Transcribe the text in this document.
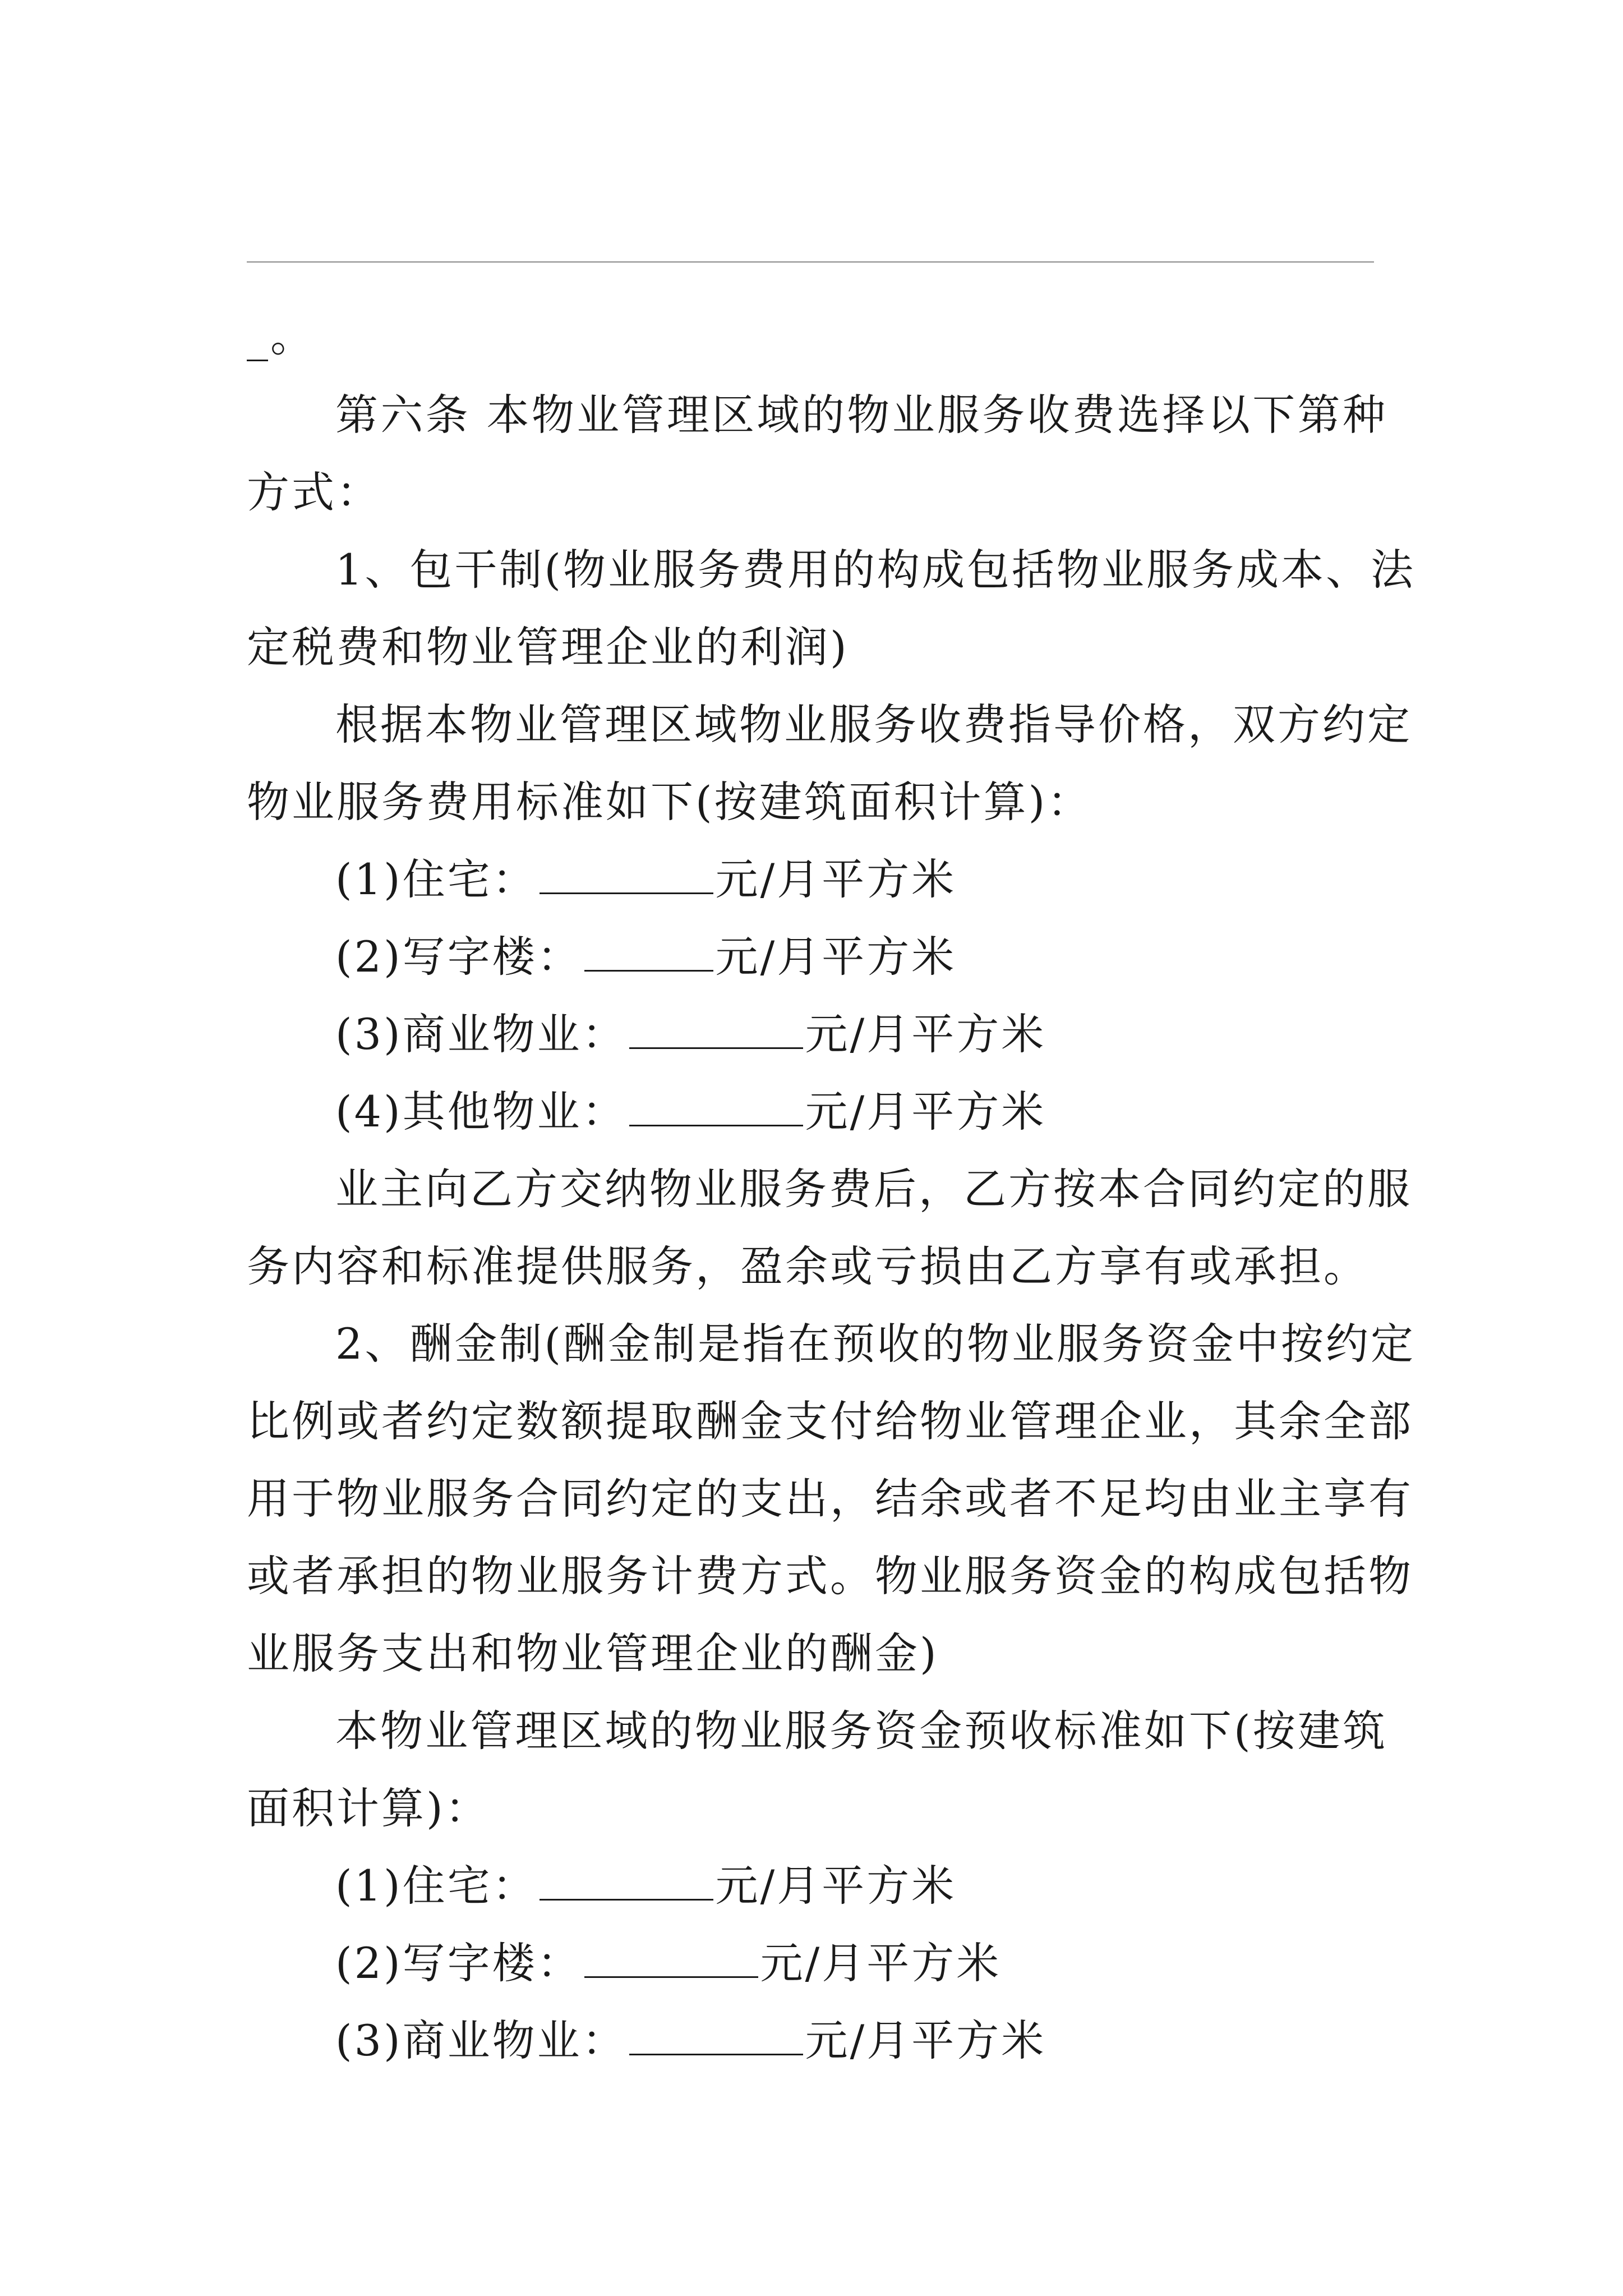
_。
第六条 本物业管理区域的物业服务收费选择以下第种
方式：
1、包干制(物业服务费用的构成包括物业服务成本、法
定税费和物业管理企业的利润)
根据本物业管理区域物业服务收费指导价格，双方约定
物业服务费用标准如下(按建筑面积计算)：
(1)住宅：	元/月平方米
(2)写字楼：	元/月平方米
(3)商业物业：	元/月平方米
(4)其他物业：	元/月平方米
业主向乙方交纳物业服务费后，乙方按本合同约定的服
务内容和标准提供服务，盈余或亏损由乙方享有或承担。
2、酬金制(酬金制是指在预收的物业服务资金中按约定
比例或者约定数额提取酬金支付给物业管理企业，其余全部
用于物业服务合同约定的支出，结余或者不足均由业主享有
或者承担的物业服务计费方式。物业服务资金的构成包括物
业服务支出和物业管理企业的酬金)
本物业管理区域的物业服务资金预收标准如下(按建筑
面积计算)：
(1)住宅：	元/月平方米
(2)写字楼：	元/月平方米
(3)商业物业：	元/月平方米
